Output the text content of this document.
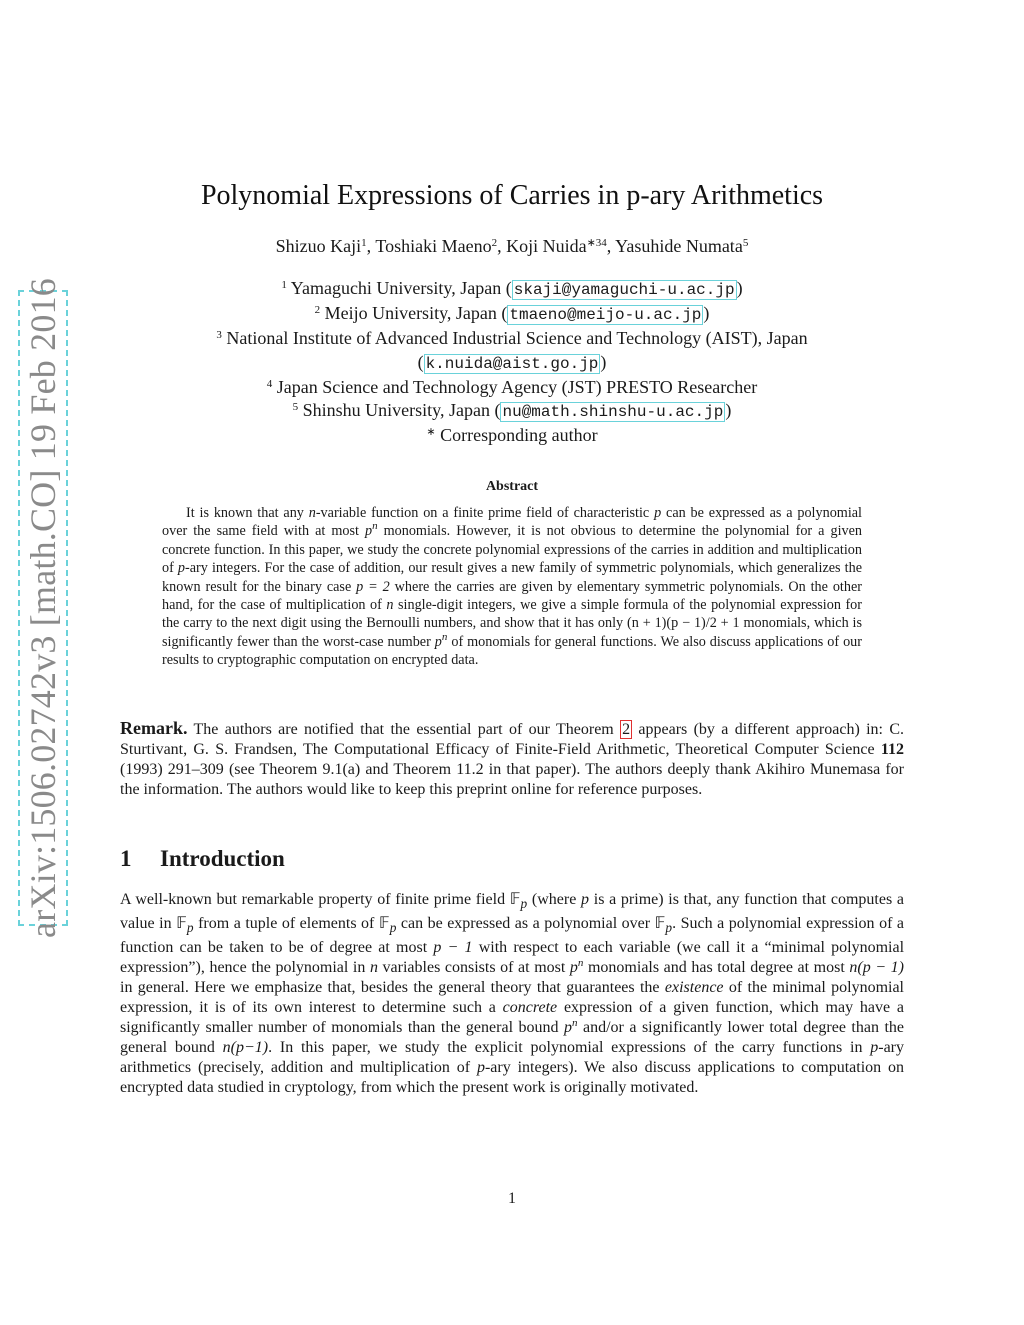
arXiv:1506.02742v3 [math.CO] 19 Feb 2016
Polynomial Expressions of Carries in p-ary Arithmetics
Shizuo Kaji$^1$, Toshiaki Maeno$^2$, Koji Nuida$^{∗34}$, Yasuhide Numata$^5$
$^1$ Yamaguchi University, Japan ( skaji@yamaguchi-u.ac.jp )
$^2$ Meijo University, Japan ( tmaeno@meijo-u.ac.jp )
$^3$ National Institute of Advanced Industrial Science and Technology (AIST), Japan
( k.nuida@aist.go.jp )
$^4$ Japan Science and Technology Agency (JST) PRESTO Researcher
$^5$ Shinshu University, Japan ( nu@math.shinshu-u.ac.jp )
∗ Corresponding author
Abstract
It is known that any n-variable function on a finite prime field of characteristic p can be expressed as a polynomial over the same field with at most $p^n$ monomials. However, it is not obvious to determine the polynomial for a given concrete function. In this paper, we study the concrete polynomial expressions of the carries in addition and multiplication of p-ary integers. For the case of addition, our result gives a new family of symmetric polynomials, which generalizes the known result for the binary case p = 2 where the carries are given by elementary symmetric polynomials. On the other hand, for the case of multiplication of n single-digit integers, we give a simple formula of the polynomial expression for the carry to the next digit using the Bernoulli numbers, and show that it has only (n + 1)(p − 1)/2 + 1 monomials, which is significantly fewer than the worst-case number $p^n$ of monomials for general functions. We also discuss applications of our results to cryptographic computation on encrypted data.
Remark. The authors are notified that the essential part of our Theorem 2 appears (by a different approach) in: C. Sturtivant, G. S. Frandsen, The Computational Efficacy of Finite-Field Arithmetic, Theoretical Computer Science 112 (1993) 291–309 (see Theorem 9.1(a) and Theorem 11.2 in that paper). The authors deeply thank Akihiro Munemasa for the information. The authors would like to keep this preprint online for reference purposes.
1 Introduction
A well-known but remarkable property of finite prime field 𝔽$_p$ (where p is a prime) is that, any function that computes a value in 𝔽$_p$ from a tuple of elements of 𝔽$_p$ can be expressed as a polynomial over 𝔽$_p$. Such a polynomial expression of a function can be taken to be of degree at most p − 1 with respect to each variable (we call it a “minimal polynomial expression”), hence the polynomial in n variables consists of at most $p^n$ monomials and has total degree at most n(p − 1) in general. Here we emphasize that, besides the general theory that guarantees the existence of the minimal polynomial expression, it is of its own interest to determine such a concrete expression of a given function, which may have a significantly smaller number of monomials than the general bound $p^n$ and/or a significantly lower total degree than the general bound n(p−1). In this paper, we study the explicit polynomial expressions of the carry functions in p-ary arithmetics (precisely, addition and multiplication of p-ary integers). We also discuss applications to computation on encrypted data studied in cryptology, from which the present work is originally motivated.
1
